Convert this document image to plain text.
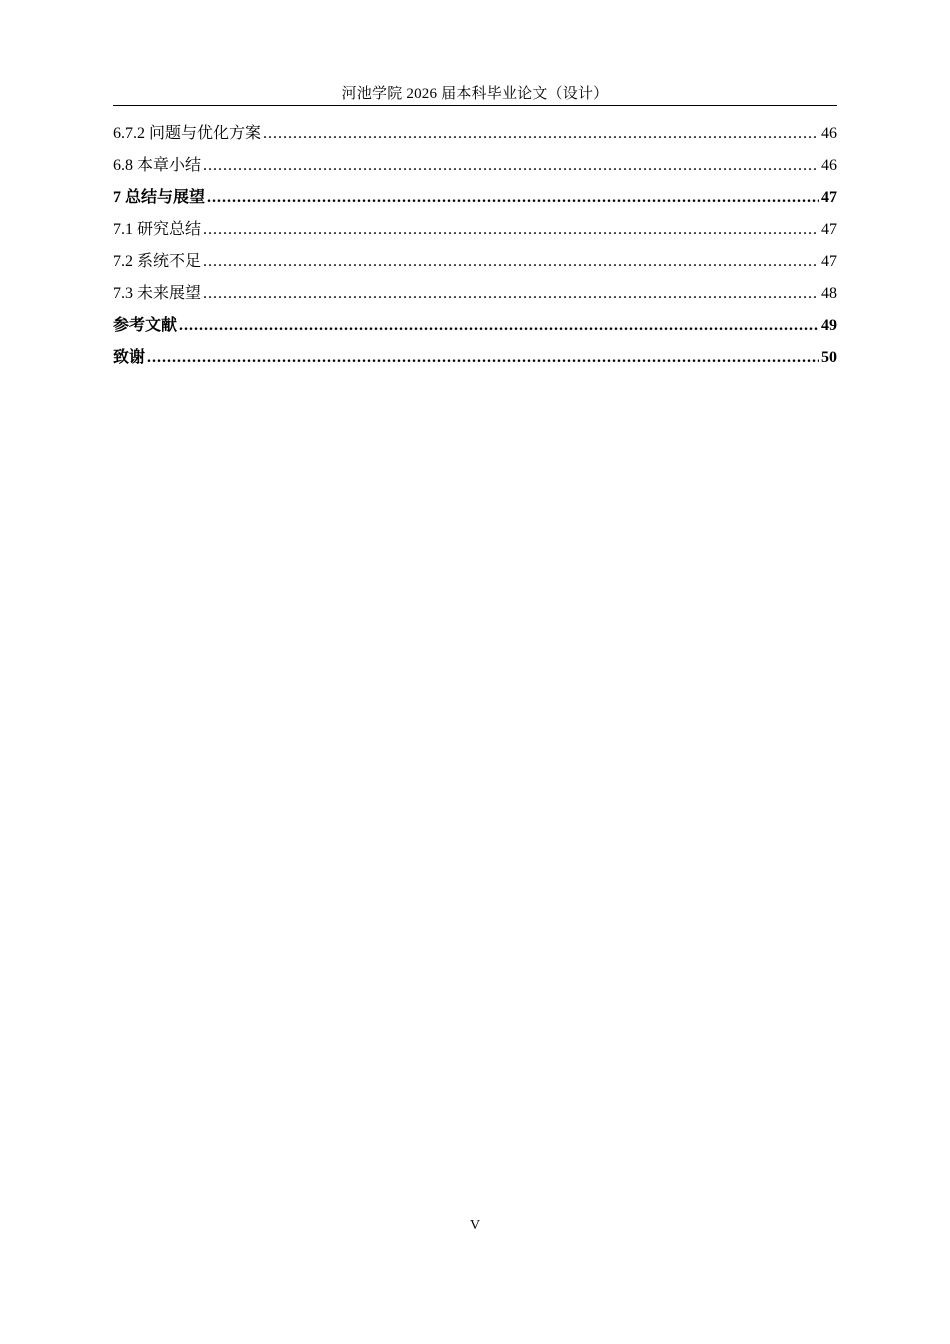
河池学院 2026 届本科毕业论文（设计）
6.7.2 问题与优化方案 .....	46
6.8 本章小结 .....	46
7 总结与展望 .....	47
7.1 研究总结 .....	47
7.2 系统不足 .....	47
7.3 未来展望 .....	48
参考文献 .....	49
致谢 .....	50
V
